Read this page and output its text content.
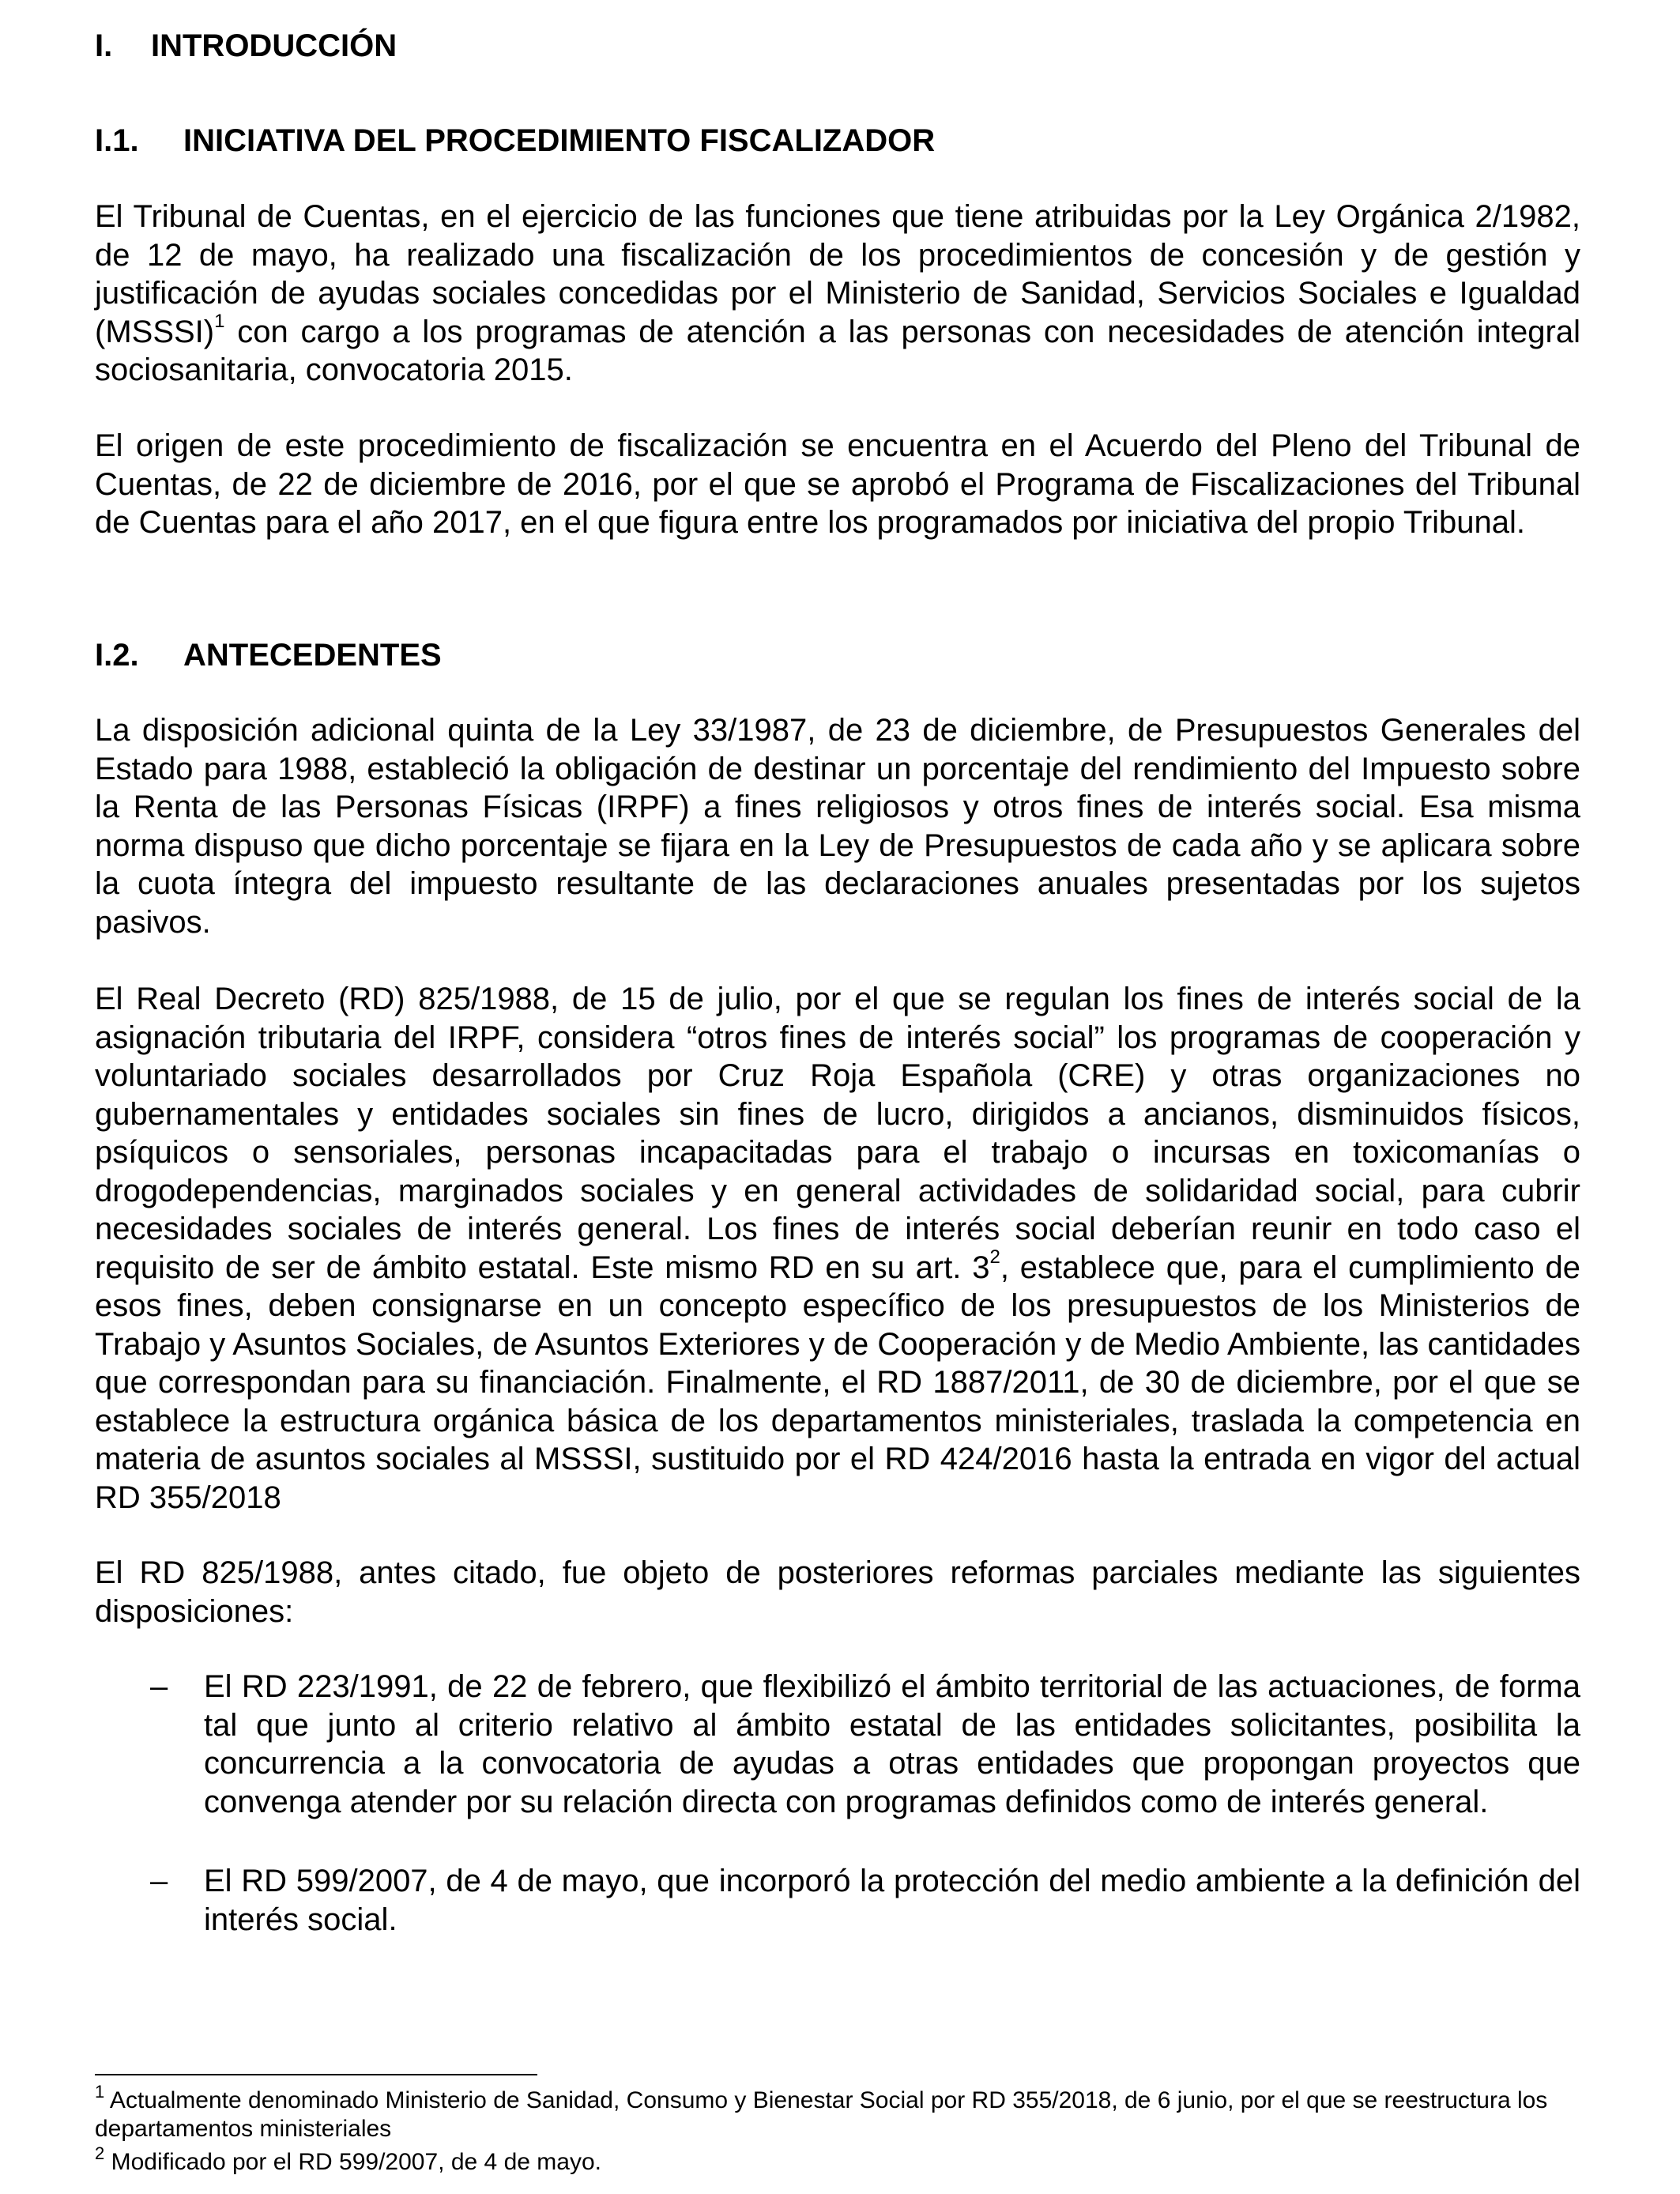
I. INTRODUCCIÓN
I.1. INICIATIVA DEL PROCEDIMIENTO FISCALIZADOR
El Tribunal de Cuentas, en el ejercicio de las funciones que tiene atribuidas por la Ley Orgánica 2/1982, de 12 de mayo, ha realizado una fiscalización de los procedimientos de concesión y de gestión y justificación de ayudas sociales concedidas por el Ministerio de Sanidad, Servicios Sociales e Igualdad (MSSSI)$^1$ con cargo a los programas de atención a las personas con necesidades de atención integral sociosanitaria, convocatoria 2015.
El origen de este procedimiento de fiscalización se encuentra en el Acuerdo del Pleno del Tribunal de Cuentas, de 22 de diciembre de 2016, por el que se aprobó el Programa de Fiscalizaciones del Tribunal de Cuentas para el año 2017, en el que figura entre los programados por iniciativa del propio Tribunal.
I.2. ANTECEDENTES
La disposición adicional quinta de la Ley 33/1987, de 23 de diciembre, de Presupuestos Generales del Estado para 1988, estableció la obligación de destinar un porcentaje del rendimiento del Impuesto sobre la Renta de las Personas Físicas (IRPF) a fines religiosos y otros fines de interés social. Esa misma norma dispuso que dicho porcentaje se fijara en la Ley de Presupuestos de cada año y se aplicara sobre la cuota íntegra del impuesto resultante de las declaraciones anuales presentadas por los sujetos pasivos.
El Real Decreto (RD) 825/1988, de 15 de julio, por el que se regulan los fines de interés social de la asignación tributaria del IRPF, considera “otros fines de interés social” los programas de cooperación y voluntariado sociales desarrollados por Cruz Roja Española (CRE) y otras organizaciones no gubernamentales y entidades sociales sin fines de lucro, dirigidos a ancianos, disminuidos físicos, psíquicos o sensoriales, personas incapacitadas para el trabajo o incursas en toxicomanías o drogodependencias, marginados sociales y en general actividades de solidaridad social, para cubrir necesidades sociales de interés general. Los fines de interés social deberían reunir en todo caso el requisito de ser de ámbito estatal. Este mismo RD en su art. $3^2$, establece que, para el cumplimiento de esos fines, deben consignarse en un concepto específico de los presupuestos de los Ministerios de Trabajo y Asuntos Sociales, de Asuntos Exteriores y de Cooperación y de Medio Ambiente, las cantidades que correspondan para su financiación. Finalmente, el RD 1887/2011, de 30 de diciembre, por el que se establece la estructura orgánica básica de los departamentos ministeriales, traslada la competencia en materia de asuntos sociales al MSSSI, sustituido por el RD 424/2016 hasta la entrada en vigor del actual RD 355/2018
El RD 825/1988, antes citado, fue objeto de posteriores reformas parciales mediante las siguientes disposiciones:
– El RD 223/1991, de 22 de febrero, que flexibilizó el ámbito territorial de las actuaciones, de forma tal que junto al criterio relativo al ámbito estatal de las entidades solicitantes, posibilita la concurrencia a la convocatoria de ayudas a otras entidades que propongan proyectos que convenga atender por su relación directa con programas definidos como de interés general.
– El RD 599/2007, de 4 de mayo, que incorporó la protección del medio ambiente a la definición del interés social.
$^1$ Actualmente denominado Ministerio de Sanidad, Consumo y Bienestar Social por RD 355/2018, de 6 junio, por el que se reestructura los departamentos ministeriales
$^2$ Modificado por el RD 599/2007, de 4 de mayo.
